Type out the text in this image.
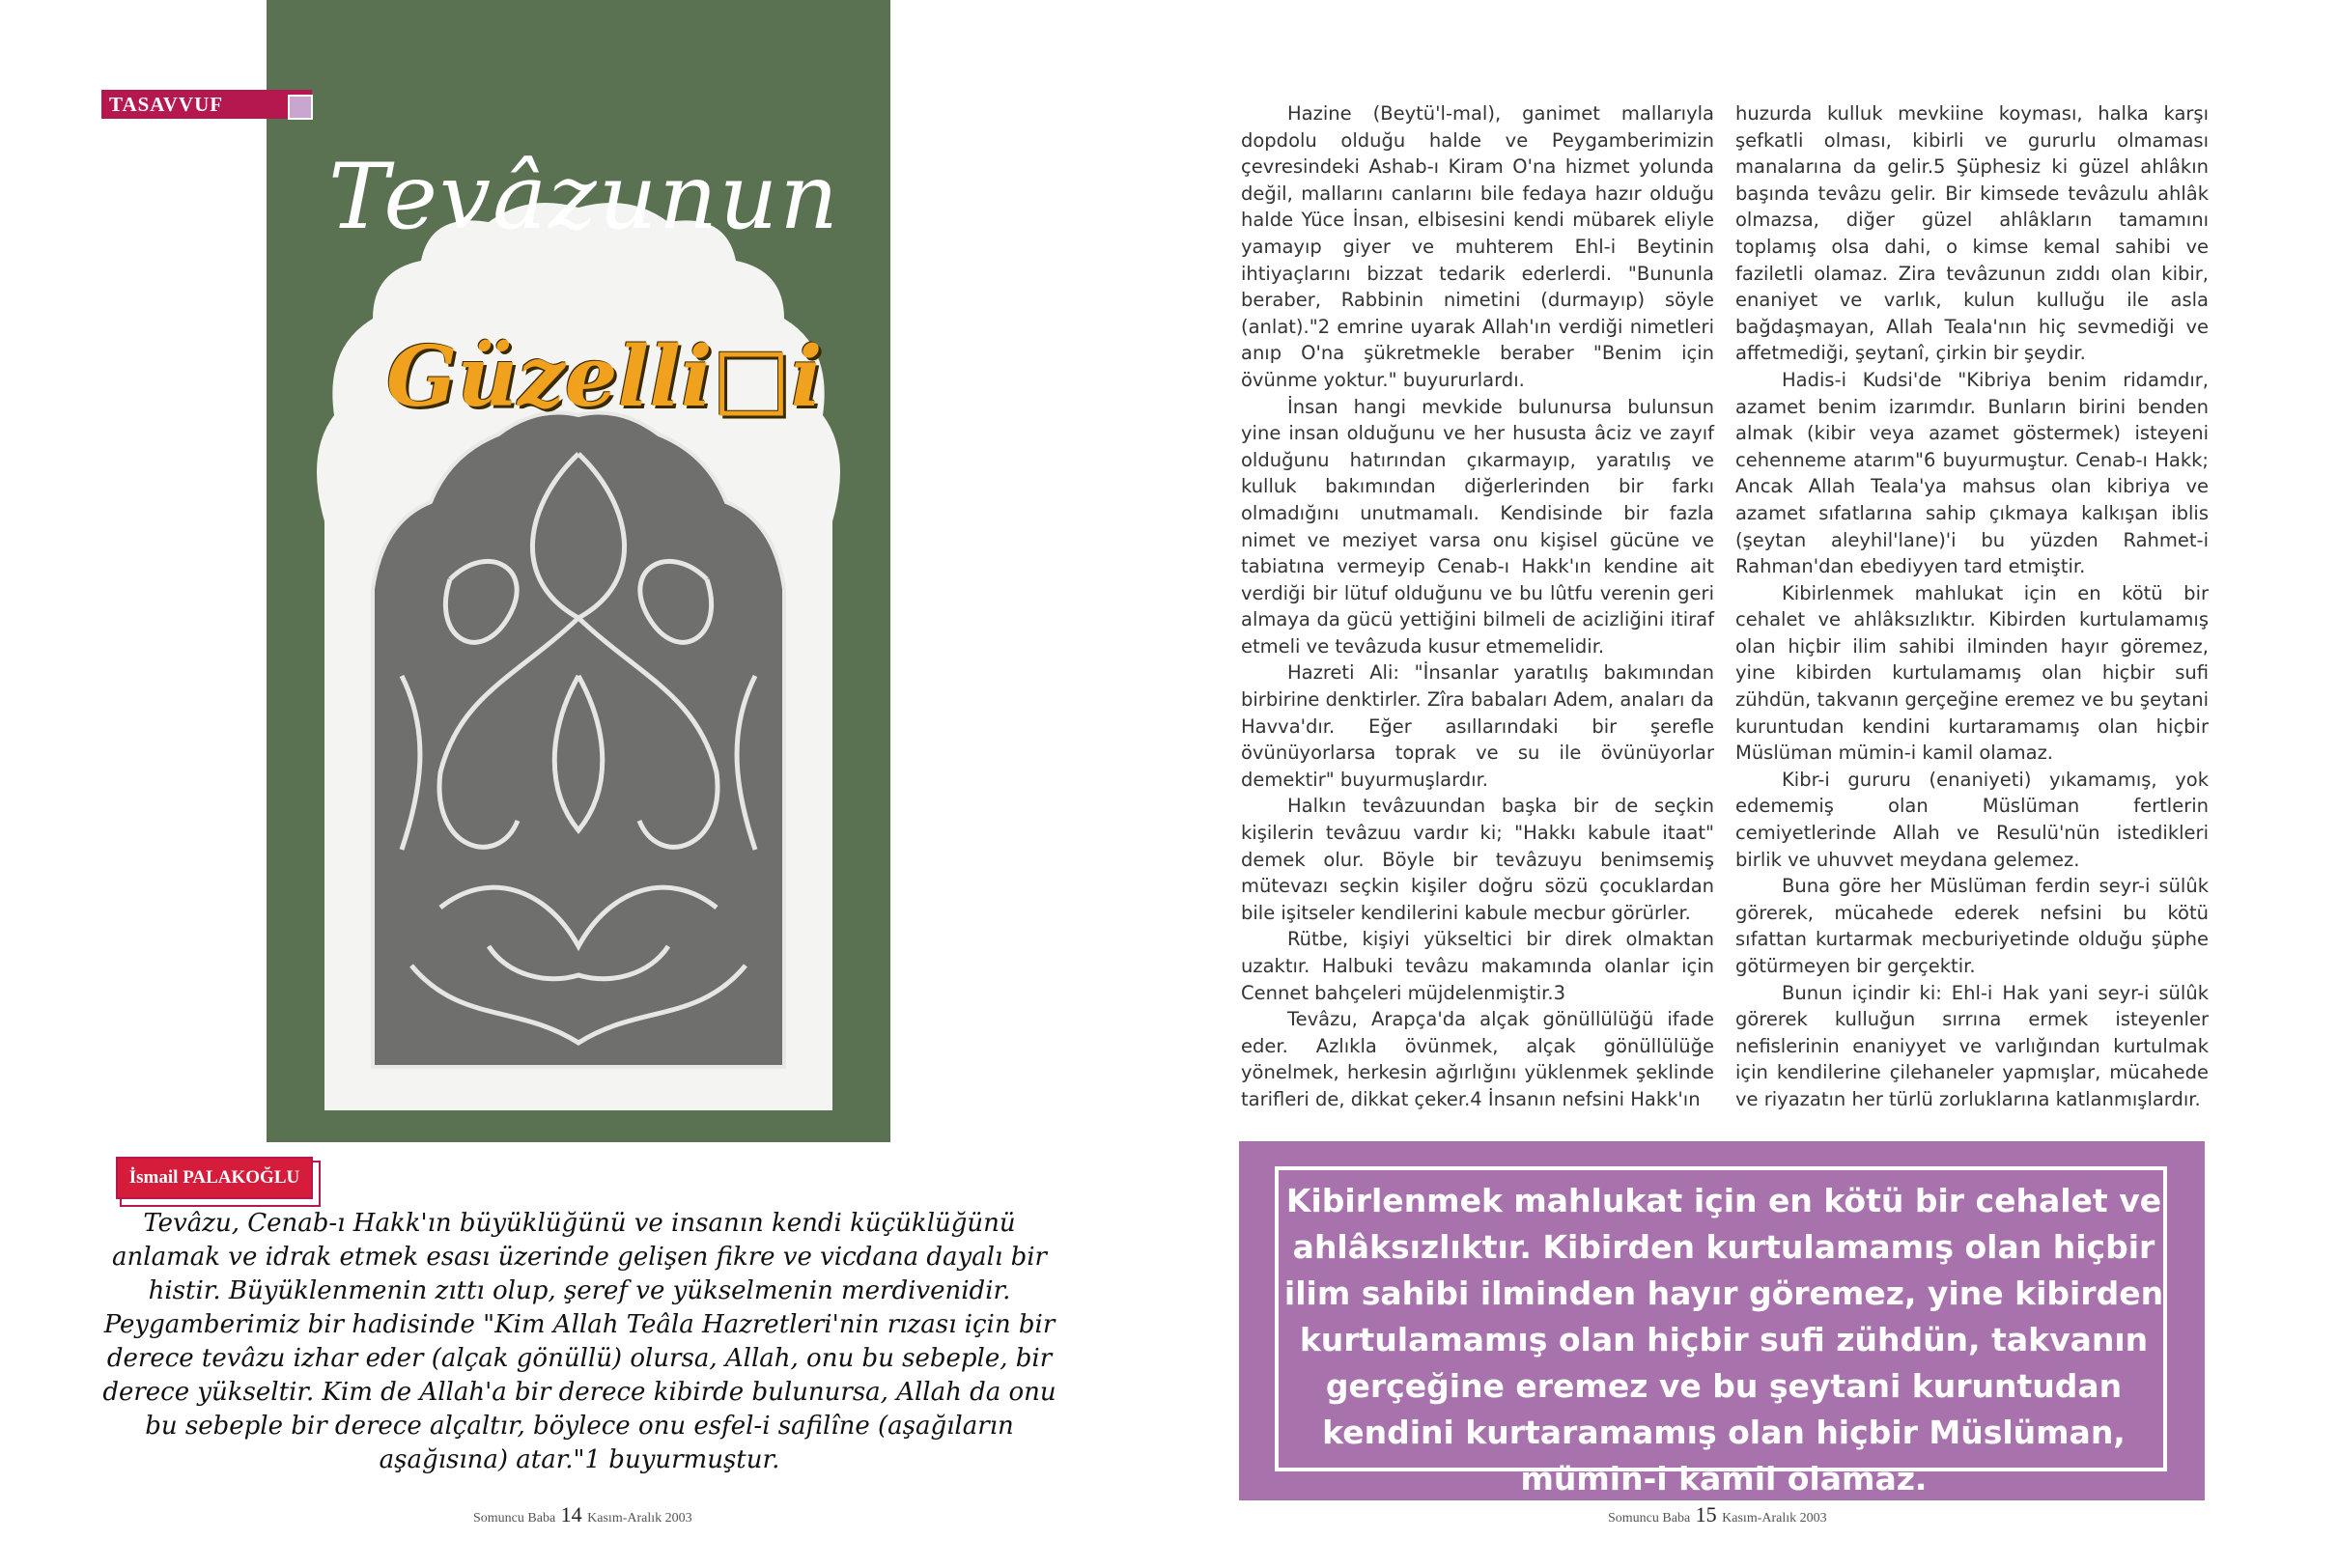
TASAVVUF
Tevâzunun
Güzelli□i
İsmail PALAKOĞLU
Tevâzu, Cenab-ı Hakk'ın büyüklüğünü ve insanın kendi küçüklüğünü anlamak ve idrak etmek esası üzerinde gelişen fikre ve vicdana dayalı bir histir. Büyüklenmenin zıttı olup, şeref ve yükselmenin merdivenidir. Peygamberimiz bir hadisinde "Kim Allah Teâla Hazretleri'nin rızası için bir derece tevâzu izhar eder (alçak gönüllü) olursa, Allah, onu bu sebeple, bir derece yükseltir. Kim de Allah'a bir derece kibirde bulunursa, Allah da onu bu sebeple bir derece alçaltır, böylece onu esfel-i safilîne (aşağıların aşağısına) atar."1 buyurmuştur.
Somuncu Baba 14 Kasım-Aralık 2003

Hazine (Beytü'l-mal), ganimet mallarıyla dopdolu olduğu halde ve Peygamberimizin çevresindeki Ashab-ı Kiram O'na hizmet yolunda değil, mallarını canlarını bile fedaya hazır olduğu halde Yüce İnsan, elbisesini kendi mübarek eliyle yamayıp giyer ve muhterem Ehl-i Beytinin ihtiyaçlarını bizzat tedarik ederlerdi. "Bununla beraber, Rabbinin nimetini (durmayıp) söyle (anlat)."2 emrine uyarak Allah'ın verdiği nimetleri anıp O'na şükretmekle beraber "Benim için övünme yoktur." buyururlardı.

İnsan hangi mevkide bulunursa bulunsun yine insan olduğunu ve her hususta âciz ve zayıf olduğunu hatırından çıkarmayıp, yaratılış ve kulluk bakımından diğerlerinden bir farkı olmadığını unutmamalı. Kendisinde bir fazla nimet ve meziyet varsa onu kişisel gücüne ve tabiatına vermeyip Cenab-ı Hakk'ın kendine ait verdiği bir lütuf olduğunu ve bu lûtfu verenin geri almaya da gücü yettiğini bilmeli de acizliğini itiraf etmeli ve tevâzuda kusur etmemelidir.

Hazreti Ali: "İnsanlar yaratılış bakımından birbirine denktirler. Zîra babaları Adem, anaları da Havva'dır. Eğer asıllarındaki bir şerefle övünüyorlarsa toprak ve su ile övünüyorlar demektir" buyurmuşlardır.

Halkın tevâzuundan başka bir de seçkin kişilerin tevâzuu vardır ki; "Hakkı kabule itaat" demek olur. Böyle bir tevâzuyu benimsemiş mütevazı seçkin kişiler doğru sözü çocuklardan bile işitseler kendilerini kabule mecbur görürler.

Rütbe, kişiyi yükseltici bir direk olmaktan uzaktır. Halbuki tevâzu makamında olanlar için Cennet bahçeleri müjdelenmiştir.3

Tevâzu, Arapça'da alçak gönüllülüğü ifade eder. Azlıkla övünmek, alçak gönüllülüğe yönelmek, herkesin ağırlığını yüklenmek şeklinde tarifleri de, dikkat çeker.4 İnsanın nefsini Hakk'ın

huzurda kulluk mevkiine koyması, halka karşı şefkatli olması, kibirli ve gururlu olmaması manalarına da gelir.5 Şüphesiz ki güzel ahlâkın başında tevâzu gelir. Bir kimsede tevâzulu ahlâk olmazsa, diğer güzel ahlâkların tamamını toplamış olsa dahi, o kimse kemal sahibi ve faziletli olamaz. Zira tevâzunun zıddı olan kibir, enaniyet ve varlık, kulun kulluğu ile asla bağdaşmayan, Allah Teala'nın hiç sevmediği ve affetmediği, şeytanî, çirkin bir şeydir.

Hadis-i Kudsi'de "Kibriya benim ridamdır, azamet benim izarımdır. Bunların birini benden almak (kibir veya azamet göstermek) isteyeni cehenneme atarım"6 buyurmuştur. Cenab-ı Hakk; Ancak Allah Teala'ya mahsus olan kibriya ve azamet sıfatlarına sahip çıkmaya kalkışan iblis (şeytan aleyhil'lane)'i bu yüzden Rahmet-i Rahman'dan ebediyyen tard etmiştir.

Kibirlenmek mahlukat için en kötü bir cehalet ve ahlâksızlıktır. Kibirden kurtulamamış olan hiçbir ilim sahibi ilminden hayır göremez, yine kibirden kurtulamamış olan hiçbir sufi zühdün, takvanın gerçeğine eremez ve bu şeytani kuruntudan kendini kurtaramamış olan hiçbir Müslüman mümin-i kamil olamaz.

Kibr-i gururu (enaniyeti) yıkamamış, yok edememiş olan Müslüman fertlerin cemiyetlerinde Allah ve Resulü'nün istedikleri birlik ve uhuvvet meydana gelemez.

Buna göre her Müslüman ferdin seyr-i sülûk görerek, mücahede ederek nefsini bu kötü sıfattan kurtarmak mecburiyetinde olduğu şüphe götürmeyen bir gerçektir.

Bunun içindir ki: Ehl-i Hak yani seyr-i sülûk görerek kulluğun sırrına ermek isteyenler nefislerinin enaniyyet ve varlığından kurtulmak için kendilerine çilehaneler yapmışlar, mücahede ve riyazatın her türlü zorluklarına katlanmışlardır.

Kibirlenmek mahlukat için en kötü bir cehalet ve ahlâksızlıktır. Kibirden kurtulamamış olan hiçbir ilim sahibi ilminden hayır göremez, yine kibirden kurtulamamış olan hiçbir sufi zühdün, takvanın gerçeğine eremez ve bu şeytani kuruntudan kendini kurtaramamış olan hiçbir Müslüman, mümin-i kamil olamaz.
Somuncu Baba 15 Kasım-Aralık 2003
